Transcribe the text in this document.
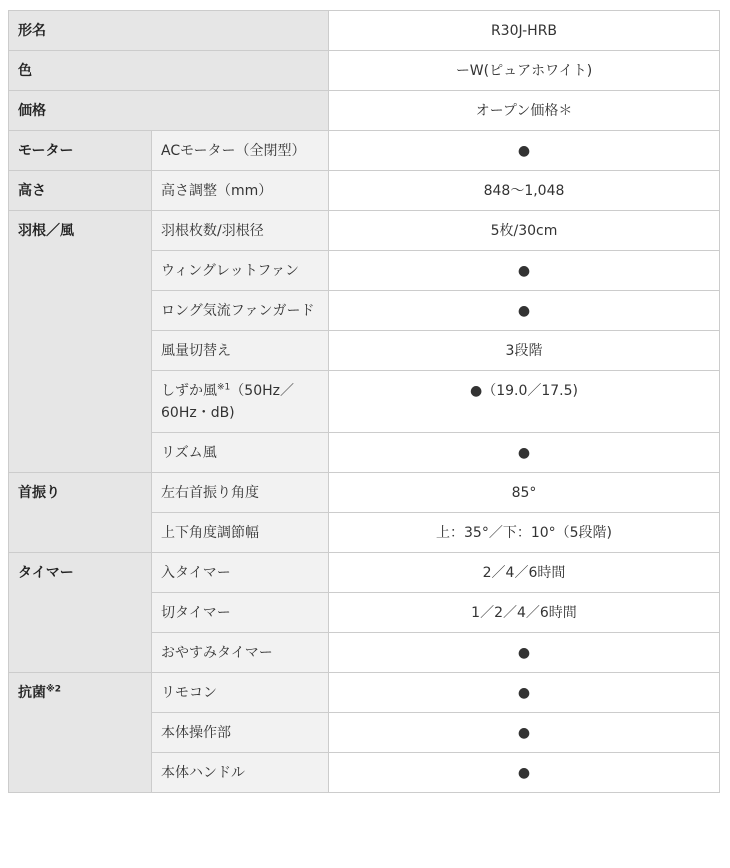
形名		R30J-HRB
色		ーW(ピュアホワイト)
価格		オープン価格＊
モーター	ACモーター（全閉型）	●
高さ	高さ調整（mm）	848～1,048
羽根／風	羽根枚数/羽根径	5枚/30cm
	ウィングレットファン	●
	ロング気流ファンガード	●
	風量切替え	3段階
	しずか風$^{※1}$（50Hz／60Hz・dB)	●（19.0／17.5)
	リズム風	●
首振り	左右首振り角度	85°
	上下角度調節幅	上：35°／下：10°（5段階)
タイマー	入タイマー	2／4／6時間
	切タイマー	1／2／4／6時間
	おやすみタイマー	●
抗菌$^{※2}$	リモコン	●
	本体操作部	●
	本体ハンドル	●
